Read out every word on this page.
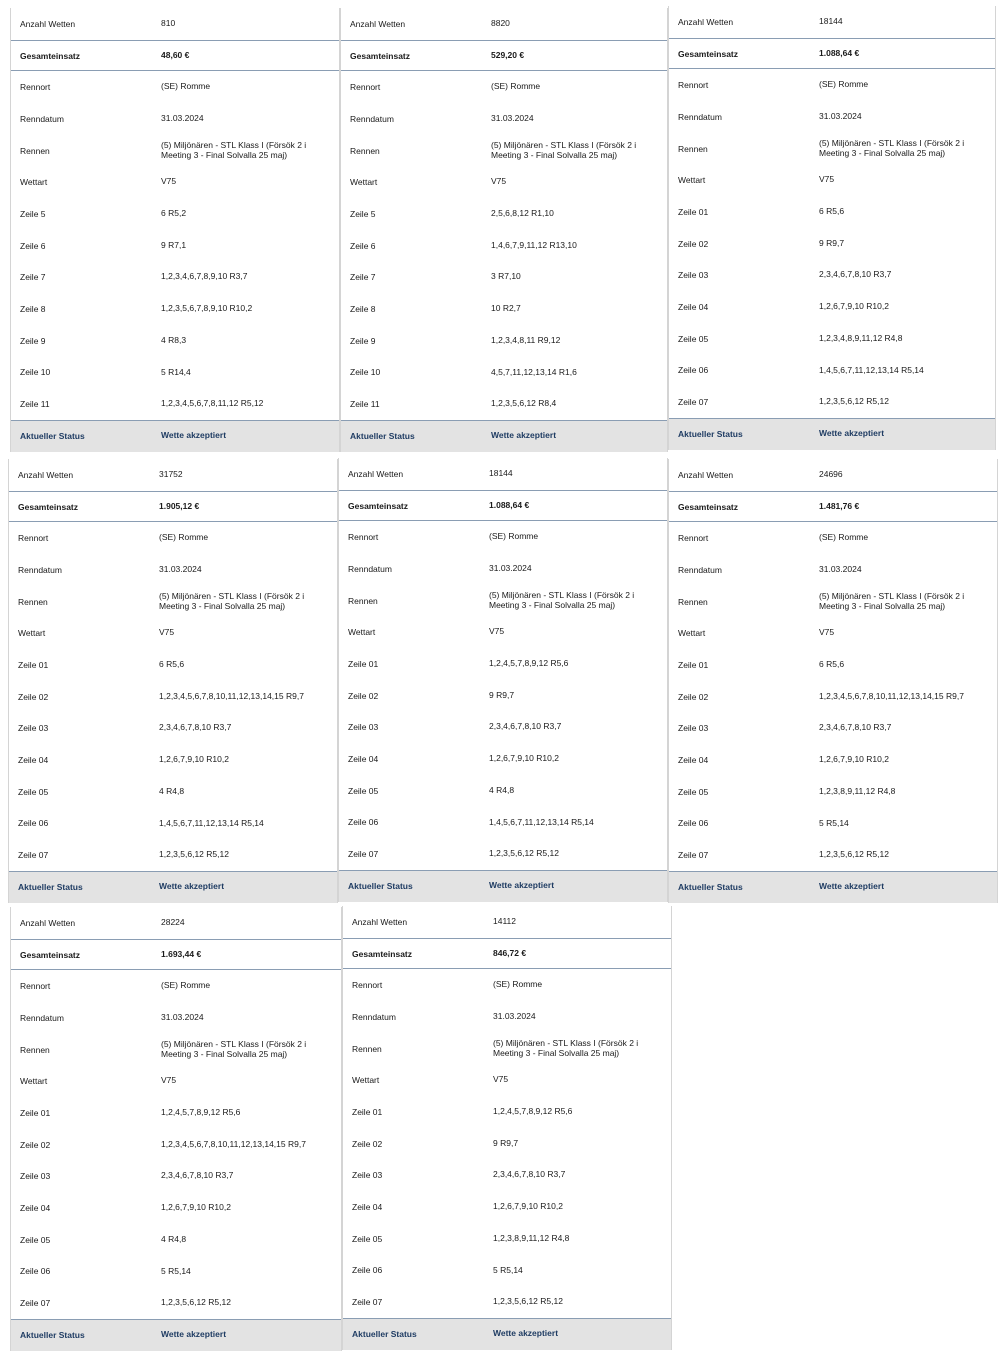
Anzahl Wetten	810
Gesamteinsatz	48,60 €
Rennort	(SE) Romme
Renndatum	31.03.2024
Rennen
(5) Miljönären - STL Klass I (Försök 2 i Meeting 3 - Final Solvalla 25 maj)
Wettart	V75
Zeile 5	6 R5,2
Zeile 6	9 R7,1
Zeile 7	1,2,3,4,6,7,8,9,10 R3,7
Zeile 8	1,2,3,5,6,7,8,9,10 R10,2
Zeile 9	4 R8,3
Zeile 10	5 R14,4
Zeile 11	1,2,3,4,5,6,7,8,11,12 R5,12
Aktueller Status	Wette akzeptiert
Anzahl Wetten	8820
Gesamteinsatz	529,20 €
Rennort	(SE) Romme
Renndatum	31.03.2024
Rennen
(5) Miljönären - STL Klass I (Försök 2 i Meeting 3 - Final Solvalla 25 maj)
Wettart	V75
Zeile 5	2,5,6,8,12 R1,10
Zeile 6	1,4,6,7,9,11,12 R13,10
Zeile 7	3 R7,10
Zeile 8	10 R2,7
Zeile 9	1,2,3,4,8,11 R9,12
Zeile 10	4,5,7,11,12,13,14 R1,6
Zeile 11	1,2,3,5,6,12 R8,4
Aktueller Status	Wette akzeptiert
Anzahl Wetten	18144
Gesamteinsatz	1.088,64 €
Rennort	(SE) Romme
Renndatum	31.03.2024
Rennen
(5) Miljönären - STL Klass I (Försök 2 i Meeting 3 - Final Solvalla 25 maj)
Wettart	V75
Zeile 01	6 R5,6
Zeile 02	9 R9,7
Zeile 03	2,3,4,6,7,8,10 R3,7
Zeile 04	1,2,6,7,9,10 R10,2
Zeile 05	1,2,3,4,8,9,11,12 R4,8
Zeile 06	1,4,5,6,7,11,12,13,14 R5,14
Zeile 07	1,2,3,5,6,12 R5,12
Aktueller Status	Wette akzeptiert
Anzahl Wetten	31752
Gesamteinsatz	1.905,12 €
Rennort	(SE) Romme
Renndatum	31.03.2024
Rennen
(5) Miljönären - STL Klass I (Försök 2 i Meeting 3 - Final Solvalla 25 maj)
Wettart	V75
Zeile 01	6 R5,6
Zeile 02	1,2,3,4,5,6,7,8,10,11,12,13,14,15 R9,7
Zeile 03	2,3,4,6,7,8,10 R3,7
Zeile 04	1,2,6,7,9,10 R10,2
Zeile 05	4 R4,8
Zeile 06	1,4,5,6,7,11,12,13,14 R5,14
Zeile 07	1,2,3,5,6,12 R5,12
Aktueller Status	Wette akzeptiert
Anzahl Wetten	18144
Gesamteinsatz	1.088,64 €
Rennort	(SE) Romme
Renndatum	31.03.2024
Rennen
(5) Miljönären - STL Klass I (Försök 2 i Meeting 3 - Final Solvalla 25 maj)
Wettart	V75
Zeile 01	1,2,4,5,7,8,9,12 R5,6
Zeile 02	9 R9,7
Zeile 03	2,3,4,6,7,8,10 R3,7
Zeile 04	1,2,6,7,9,10 R10,2
Zeile 05	4 R4,8
Zeile 06	1,4,5,6,7,11,12,13,14 R5,14
Zeile 07	1,2,3,5,6,12 R5,12
Aktueller Status	Wette akzeptiert
Anzahl Wetten	24696
Gesamteinsatz	1.481,76 €
Rennort	(SE) Romme
Renndatum	31.03.2024
Rennen
(5) Miljönären - STL Klass I (Försök 2 i Meeting 3 - Final Solvalla 25 maj)
Wettart	V75
Zeile 01	6 R5,6
Zeile 02	1,2,3,4,5,6,7,8,10,11,12,13,14,15 R9,7
Zeile 03	2,3,4,6,7,8,10 R3,7
Zeile 04	1,2,6,7,9,10 R10,2
Zeile 05	1,2,3,8,9,11,12 R4,8
Zeile 06	5 R5,14
Zeile 07	1,2,3,5,6,12 R5,12
Aktueller Status	Wette akzeptiert
Anzahl Wetten	28224
Gesamteinsatz	1.693,44 €
Rennort	(SE) Romme
Renndatum	31.03.2024
Rennen
(5) Miljönären - STL Klass I (Försök 2 i Meeting 3 - Final Solvalla 25 maj)
Wettart	V75
Zeile 01	1,2,4,5,7,8,9,12 R5,6
Zeile 02	1,2,3,4,5,6,7,8,10,11,12,13,14,15 R9,7
Zeile 03	2,3,4,6,7,8,10 R3,7
Zeile 04	1,2,6,7,9,10 R10,2
Zeile 05	4 R4,8
Zeile 06	5 R5,14
Zeile 07	1,2,3,5,6,12 R5,12
Aktueller Status	Wette akzeptiert
Anzahl Wetten	14112
Gesamteinsatz	846,72 €
Rennort	(SE) Romme
Renndatum	31.03.2024
Rennen
(5) Miljönären - STL Klass I (Försök 2 i Meeting 3 - Final Solvalla 25 maj)
Wettart	V75
Zeile 01	1,2,4,5,7,8,9,12 R5,6
Zeile 02	9 R9,7
Zeile 03	2,3,4,6,7,8,10 R3,7
Zeile 04	1,2,6,7,9,10 R10,2
Zeile 05	1,2,3,8,9,11,12 R4,8
Zeile 06	5 R5,14
Zeile 07	1,2,3,5,6,12 R5,12
Aktueller Status	Wette akzeptiert
